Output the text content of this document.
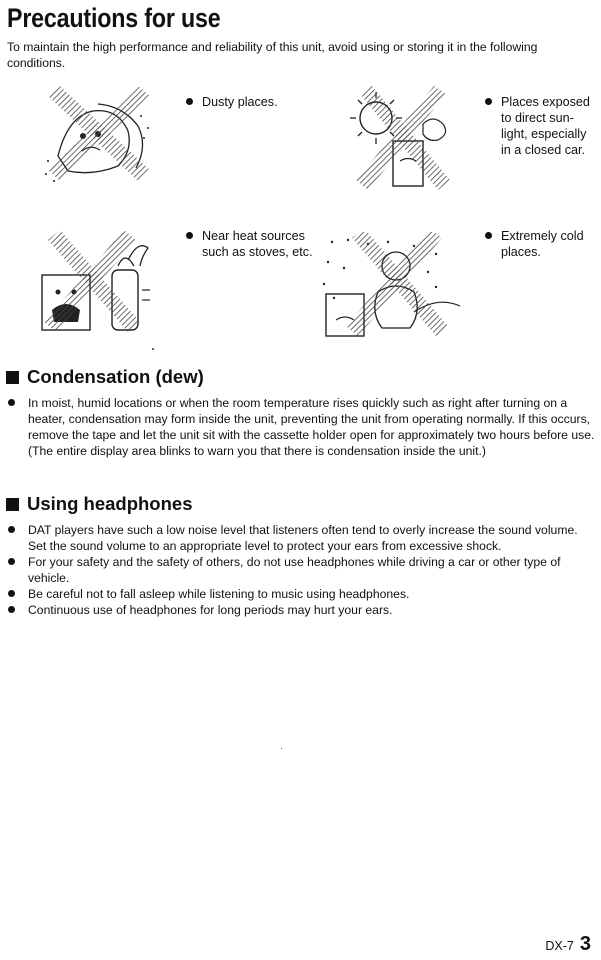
Precautions for use

To maintain the high performance and reliability of this unit, avoid using or storing it in the following conditions.

Dusty places.	Places exposed to direct sun-light, especially in a closed car.
Near heat sources such as stoves, etc.
Extremely cold places.
Condensation (dew)
In moist, humid locations or when the room temperature rises quickly such as right after turning on a heater, condensation may form inside the unit, preventing the unit from operating normally. If this occurs, remove the tape and let the unit sit with the cassette holder open for approximately two hours before use.
(The entire display area blinks to warn you that there is condensation inside the unit.)
Using headphones
DAT players have such a low noise level that listeners often tend to overly increase the sound volume. Set the sound volume to an appropriate level to protect your ears from excessive shock.
For your safety and the safety of others, do not use headphones while driving a car or other type of vehicle.
Be careful not to fall asleep while listening to music using headphones.
Continuous use of headphones for long periods may hurt your ears.
DX-7 3
